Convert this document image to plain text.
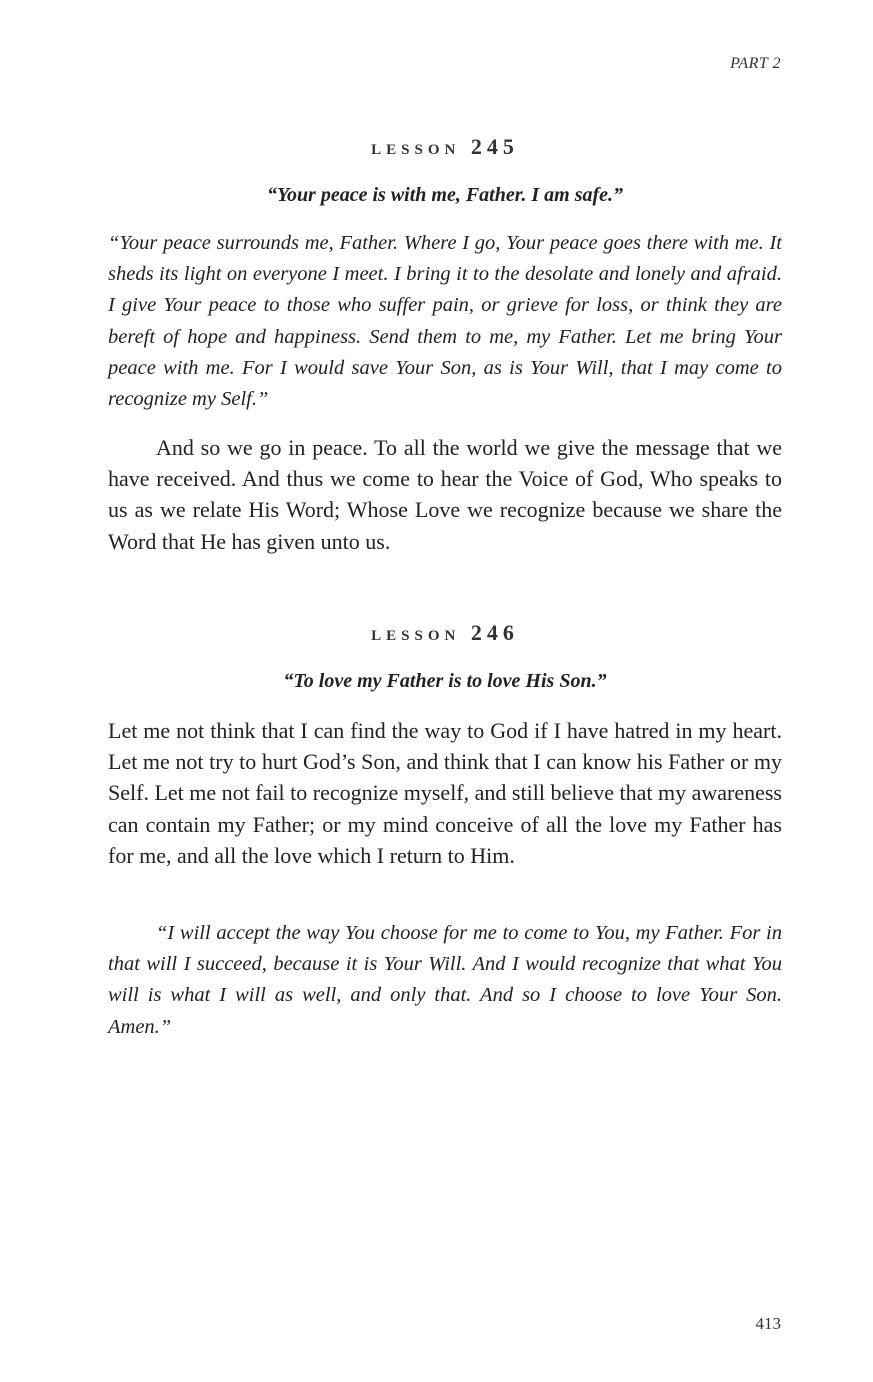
PART 2
lesson 245

“Your peace is with me, Father. I am safe.”

“Your peace surrounds me, Father. Where I go, Your peace goes there with me. It sheds its light on everyone I meet. I bring it to the desolate and lonely and afraid. I give Your peace to those who suffer pain, or grieve for loss, or think they are bereft of hope and happiness. Send them to me, my Father. Let me bring Your peace with me. For I would save Your Son, as is Your Will, that I may come to recognize my Self.”

And so we go in peace. To all the world we give the message that we have received. And thus we come to hear the Voice of God, Who speaks to us as we relate His Word; Whose Love we recognize because we share the Word that He has given unto us.

lesson 246

“To love my Father is to love His Son.”

Let me not think that I can find the way to God if I have hatred in my heart. Let me not try to hurt God’s Son, and think that I can know his Father or my Self. Let me not fail to recognize myself, and still believe that my awareness can contain my Father; or my mind conceive of all the love my Father has for me, and all the love which I return to Him.

“I will accept the way You choose for me to come to You, my Father. For in that will I succeed, because it is Your Will. And I would recognize that what You will is what I will as well, and only that. And so I choose to love Your Son. Amen.”

413
